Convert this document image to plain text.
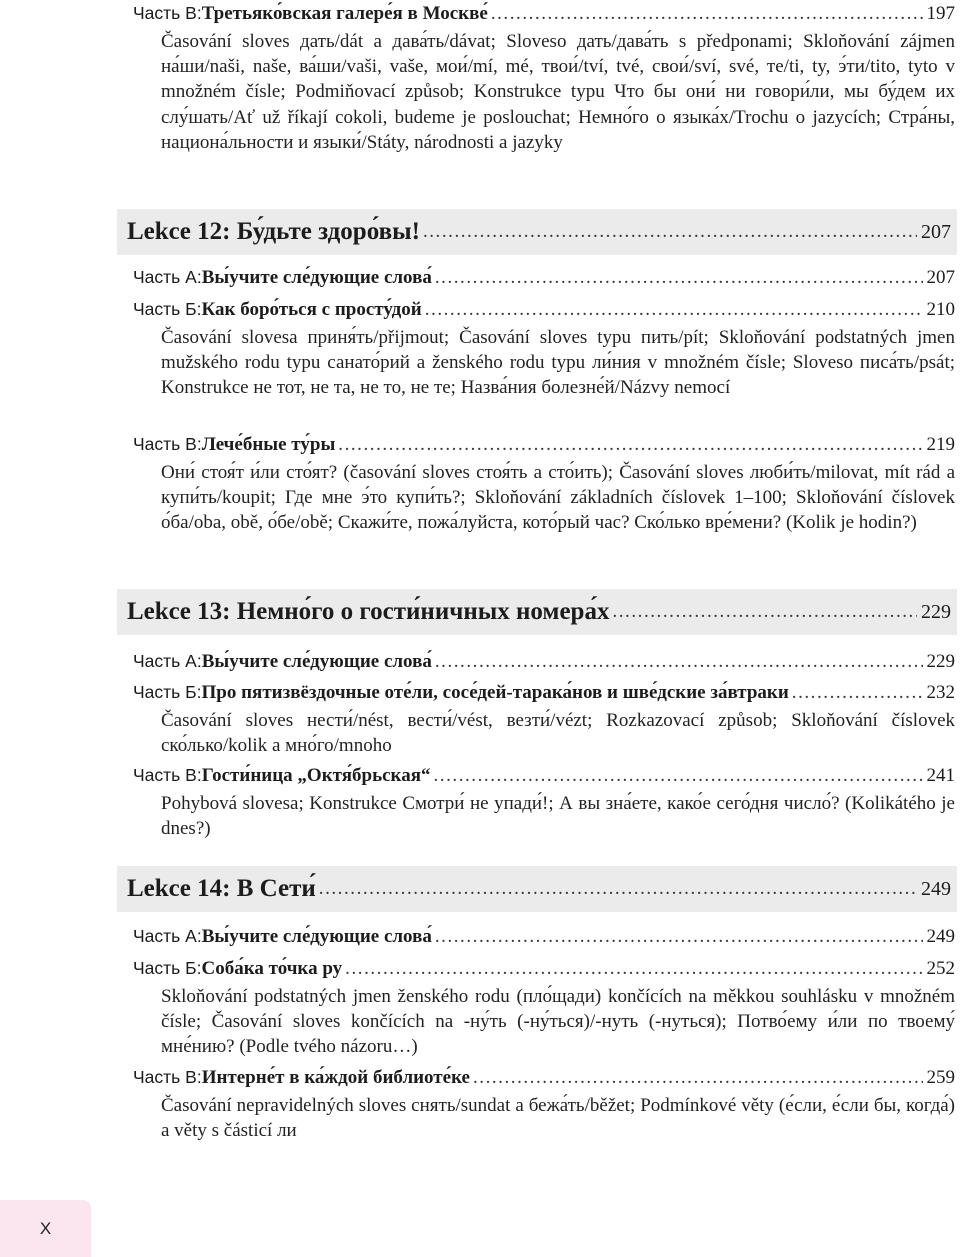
Часть В: Третьяко́вская галере́я в Москве́ . . .	197
Časování sloves дать/dát a дава́ть/dávat; Sloveso дать/дава́ть s předponami; Skloňování zájmen на́ши/naši, naše, ва́ши/vaši, vaše, мои́/mí, mé, твои́/tví, tvé, свои́/sví, své, те/ti, ty, э́ти/tito, tyto v množném čísle; Podmiňovací způsob; Konstrukce typu Что бы они́ ни говори́ли, мы бу́дем их слу́шать/Ať už říkají cokoli, budeme je poslouchat; Немно́го о языка́х/Trochu o jazycích; Стра́ны, национа́льности и языки́/Státy, národnosti a jazyky
Lekce 12: Бу́дьте здоро́вы! . . .	207
Часть А: Вы́учите сле́дующие слова́ . . .	207
Часть Б: Как боро́ться с просту́дой . . .	210
Časování slovesa приня́ть/přijmout; Časování sloves typu пить/pít; Skloňování podstatných jmen mužského rodu typu санато́рий a ženského rodu typu ли́ния v množném čísle; Sloveso писа́ть/psát; Konstrukce не тот, не та, не то, не те; Назва́ния болезне́й/Názvy nemocí
Часть В: Лече́бные ту́ры . . .	219
Они́ стоя́т и́ли сто́ят? (časování sloves стоя́ть a сто́ить); Časování sloves люби́ть/milovat, mít rád a купи́ть/koupit; Где мне э́то купи́ть?; Skloňování základních číslovek 1–100; Skloňování číslovek о́ба/oba, obě, о́бе/obě; Скажи́те, пожа́луйста, кото́рый час? Ско́лько вре́мени? (Kolik je hodin?)
Lekce 13: Немно́го о гости́ничных номера́х . . .	229
Часть А: Вы́учите сле́дующие слова́ . . .	229
Часть Б: Про пятизвёздочные оте́ли, сосе́дей-тарака́нов и шве́дские за́втраки . . .	232
Časování sloves нести́/nést, вести́/vést, везти́/vézt; Rozkazovací způsob; Skloňování číslovek ско́лько/kolik a мно́го/mnoho
Часть В: Гости́ница „Октя́брьская“ . . .	241
Pohybová slovesa; Konstrukce Смотри́ не упади́!; А вы зна́ете, како́е сего́дня число́? (Kolikátého je dnes?)
Lekce 14: В Сети́ . . .	249
Часть А: Вы́учите сле́дующие слова́ . . .	249
Часть Б: Соба́ка то́чка ру . . .	252
Skloňování podstatných jmen ženského rodu (пло́щади) končících na měkkou souhlásku v množném čísle; Časování sloves končících na -ну́ть (-ну́ться)/-нуть (-нуться); Потво́ему и́ли по твоему́ мне́нию? (Podle tvého názoru…)
Часть В: Интерне́т в ка́ждой библиоте́ке . . .	259
Časování nepravidelných sloves снять/sundat a бежа́ть/běžet; Podmínkové věty (е́сли, е́сли бы, когда́) a věty s částicí ли
X
